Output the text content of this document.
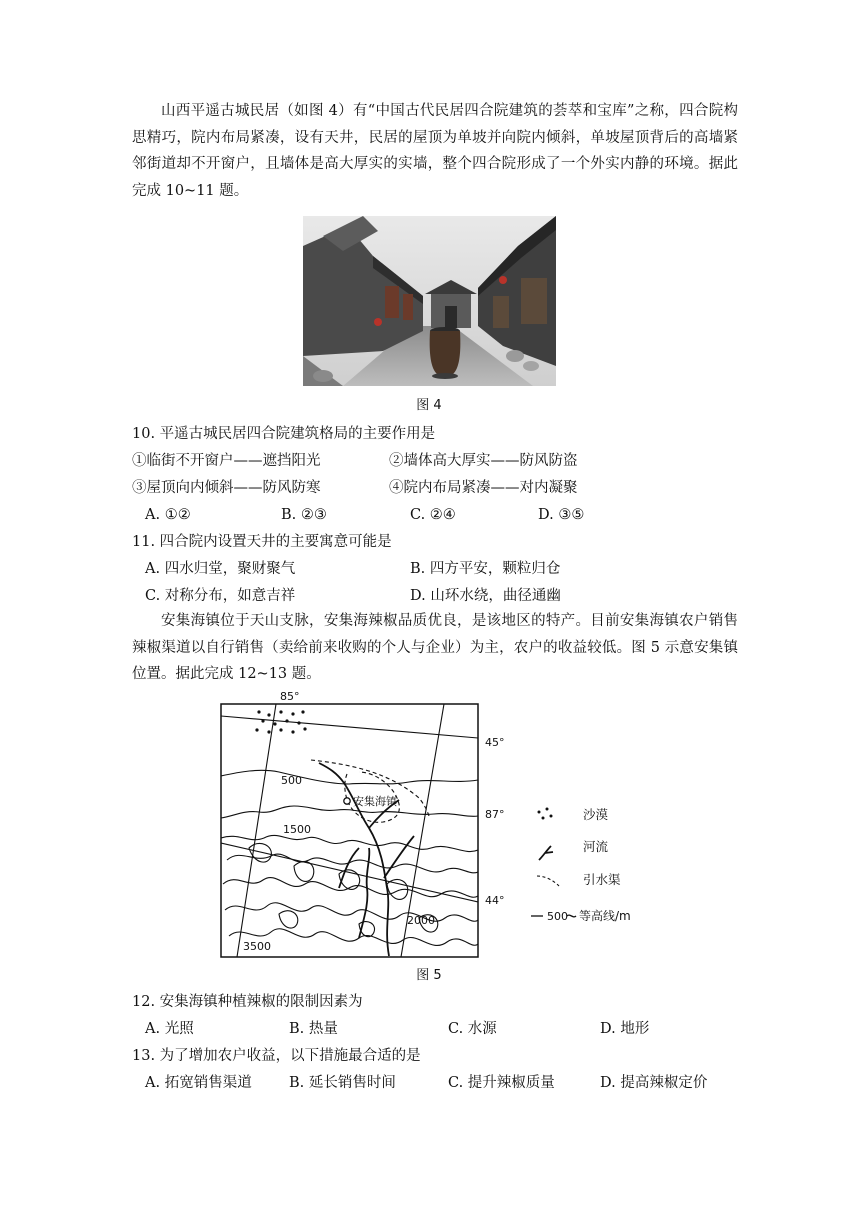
山西平遥古城民居（如图 4）有“中国古代民居四合院建筑的荟萃和宝库”之称，四合院构思精巧，院内布局紧凑，设有天井，民居的屋顶为单坡并向院内倾斜，单坡屋顶背后的高墙紧邻街道却不开窗户，且墙体是高大厚实的实墙，整个四合院形成了一个外实内静的环境。据此完成 10~11 题。

图 4
10. 平遥古城民居四合院建筑格局的主要作用是
①临街不开窗户——遮挡阳光	②墙体高大厚实——防风防盗
③屋顶向内倾斜——防风防寒	④院内布局紧凑——对内凝聚
A. ①②	B. ②③	C. ②④	D. ③⑤
11. 四合院内设置天井的主要寓意可能是
A. 四水归堂，聚财聚气	B. 四方平安，颗粒归仓
C. 对称分布，如意吉祥	D. 山环水绕，曲径通幽

安集海镇位于天山支脉，安集海辣椒品质优良，是该地区的特产。目前安集海镇农户销售辣椒渠道以自行销售（卖给前来收购的个人与企业）为主，农户的收益较低。图 5 示意安集镇位置。据此完成 12~13 题。

安集海镇
500
1500
2000
3500
85°
45°
87°
44°
沙漠
河流
引水渠
500 等高线/m
图 5
12. 安集海镇种植辣椒的限制因素为
A. 光照	B. 热量	C. 水源	D. 地形
13. 为了增加农户收益，以下措施最合适的是
A. 拓宽销售渠道	B. 延长销售时间	C. 提升辣椒质量	D. 提高辣椒定价
